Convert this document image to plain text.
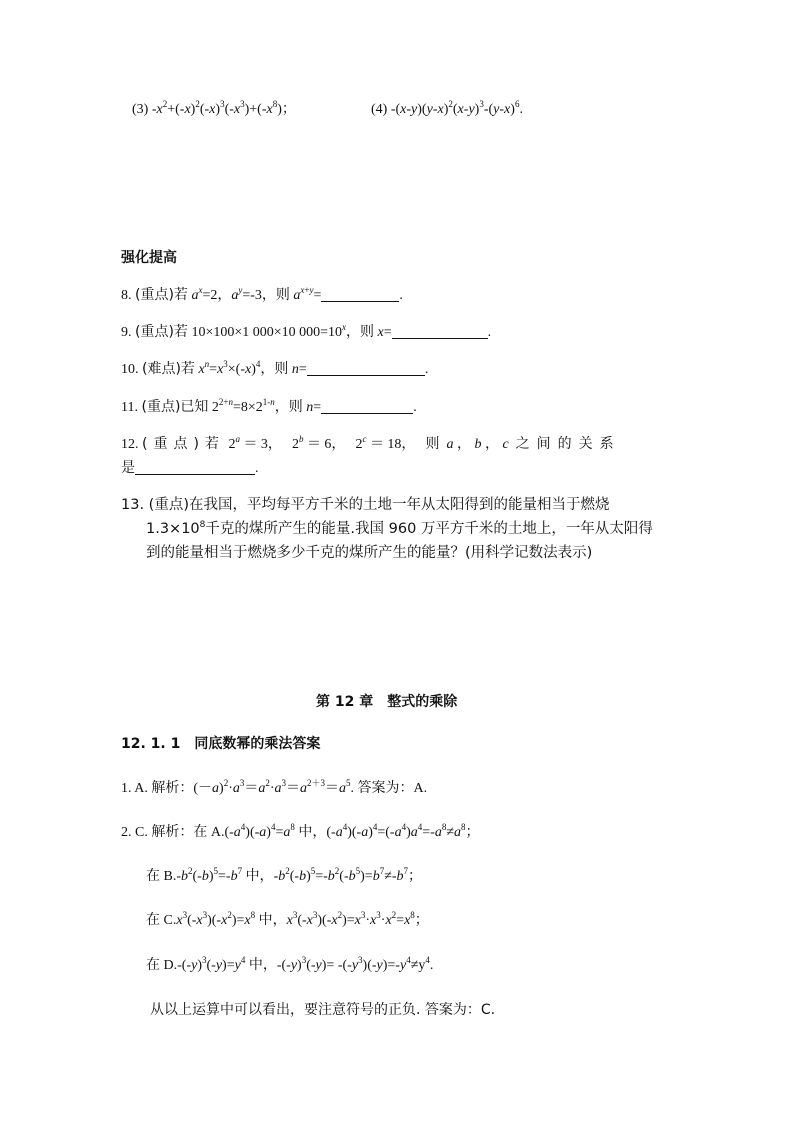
(3) $-x^2+(-x)^2(-x)^3(-x^3)+(-x^8)$；	(4) $-(x-y)(y-x)^2(x-y)^3-(y-x)^6$.
强化提高
8. (重点)若 $a^x=2$，$a^y=-3$，则 $a^{x+y}=$	.
9. (重点)若 10×100×1 000×10 $000=10^x$，则 x=	.
10. (难点)若 $x^n=x^3\times(-x)^4$，则 n=	.
11. (重点)已知 $2^{2+n}=8\times 2^{1-n}$，则 n=	.
12. (重点)若 $2^a = 3$， $2^b = 6$， $2^c = 18$， 则 a ， b ， c 之间的关系
是	.
13. (重点)在我国，平均每平方千米的土地一年从太阳得到的能量相当于燃烧
$1.3\times 10^8$千克的煤所产生的能量.我国 960 万平方千米的土地上，一年从太阳得
到的能量相当于燃烧多少千克的煤所产生的能量？(用科学记数法表示)
第 12 章　整式的乘除
12. 1. 1　同底数幂的乘法答案
1. A. 解析：$(-a)^2\cdot a^3=a^2\cdot a^3=a^{2+3}=a^5$. 答案为：A.
2. C. 解析：在 $A.(-a^4)(-a)^4=a^8$ 中，$(-a^4)(-a)^4=(-a^4)a^4=-a^8\ne a^8$；
在 $B.-b^2(-b)^5=-b^7$ 中，$-b^2(-b)^5=-b^2(-b^5)=b^7\ne-b^7$；
在 $C.x^3(-x^3)(-x^2)=x^8$ 中，$x^3(-x^3)(-x^2)=x^3\cdot x^3\cdot x^2=x^8$；
在 $D.-(-y)^3(-y)=y^4$ 中，$-(-y)^3(-y)= -(-y^3)(-y)=-y^4\ne y^4$.
从以上运算中可以看出，要注意符号的正负. 答案为：C.
